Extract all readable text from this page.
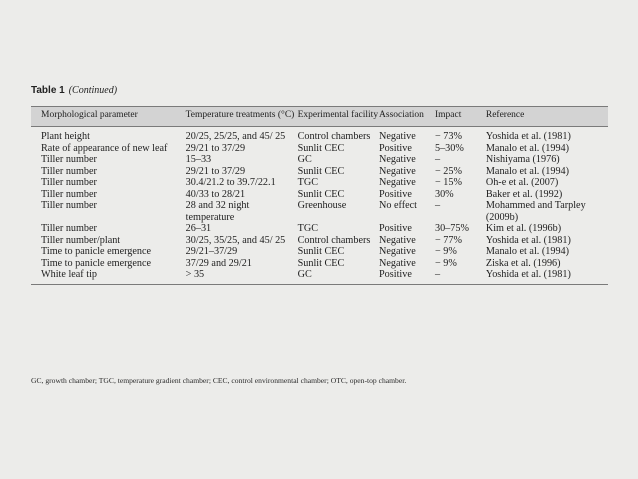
Table 1 (Continued)
Morphological parameter	Temperature treatments (°C)	Experimental facility	Association	Impact	Reference
Plant height	20/25, 25/25, and 45/ 25	Control chambers	Negative	− 73%	Yoshida et al. (1981)
Rate of appearance of new leaf	29/21 to 37/29	Sunlit CEC	Positive	5–30%	Manalo et al. (1994)
Tiller number	15–33	GC	Negative	–	Nishiyama (1976)
Tiller number	29/21 to 37/29	Sunlit CEC	Negative	− 25%	Manalo et al. (1994)
Tiller number	30.4/21.2 to 39.7/22.1	TGC	Negative	− 15%	Oh-e et al. (2007)
Tiller number	40/33 to 28/21	Sunlit CEC	Positive	30%	Baker et al. (1992)
Tiller number	28 and 32 night temperature	Greenhouse	No effect	–	Mohammed and Tarpley (2009b)
Tiller number	26–31	TGC	Positive	30–75%	Kim et al. (1996b)
Tiller number/plant	30/25, 35/25, and 45/ 25	Control chambers	Negative	− 77%	Yoshida et al. (1981)
Time to panicle emergence	29/21–37/29	Sunlit CEC	Negative	− 9%	Manalo et al. (1994)
Time to panicle emergence	37/29 and 29/21	Sunlit CEC	Negative	− 9%	Ziska et al. (1996)
White leaf tip	> 35	GC	Positive	–	Yoshida et al. (1981)
GC, growth chamber; TGC, temperature gradient chamber; CEC, control environmental chamber; OTC, open-top chamber.
